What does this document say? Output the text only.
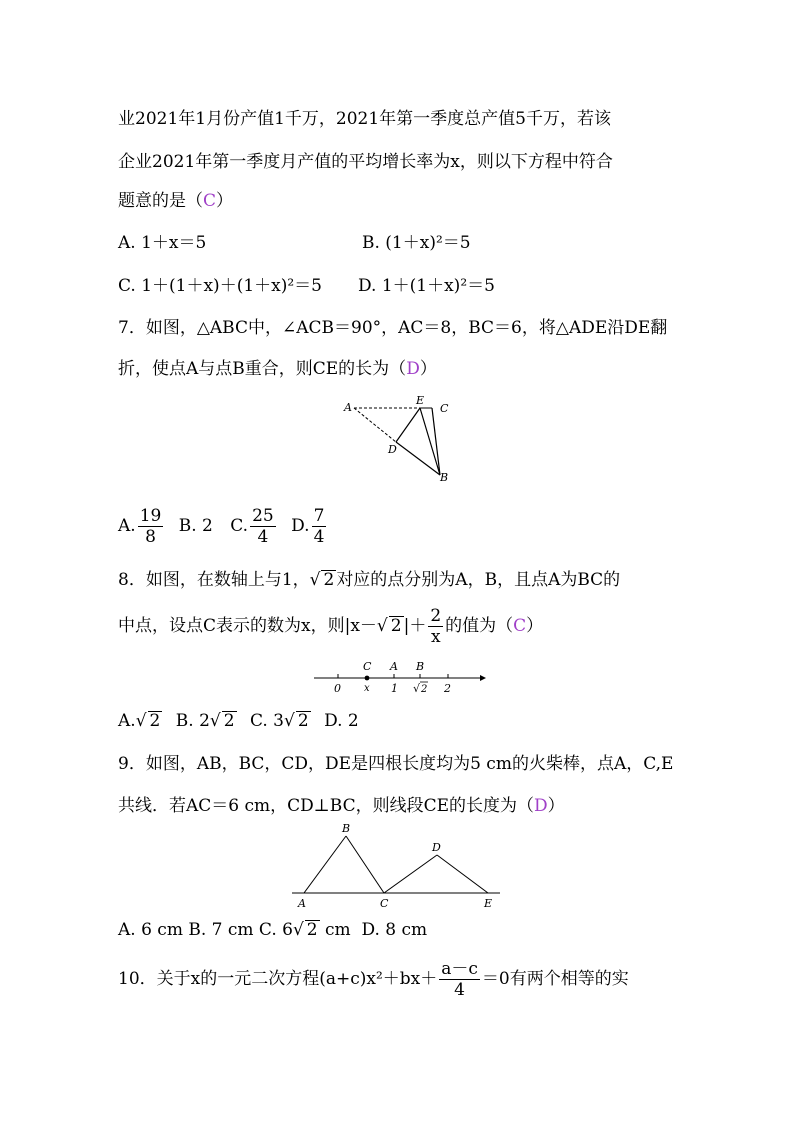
业2021年1月份产值1千万，2021年第一季度总产值5千万，若该
企业2021年第一季度月产值的平均增长率为x，则以下方程中符合
题意的是（C）
A. 1＋x＝5	B. (1＋x)²＝5
C. 1＋(1＋x)＋(1＋x)²＝5 D. 1＋(1＋x)²＝5
7．如图，△ABC中，∠ACB＝90°，AC＝8，BC＝6，将△ADE沿DE翻
折，使点A与点B重合，则CE的长为（D）
A
E
C
D
B
A. $\frac{19}{8} B$. 2 C. $\frac{25}{4} D$. $\frac{7}{4}$
8．如图，在数轴上与1，√ 2 对应的点分别为A，B，且点A为BC的
中点，设点C表示的数为x，则|x－√ 2 |＋ $\frac{2}{x}$ 的值为（C）
C A B
0 x 1 √ 2 2
A.√ 2 B. 2√ 2 C. 3√ 2 D. 2
9．如图，AB，BC，CD，DE是四根长度均为5 cm的火柴棒，点A，C,E
共线．若AC＝6 cm，CD⊥BC，则线段CE的长度为（D）
B
D
A	C	E
A. 6 cm B. 7 cm C. 6√ 2 cm  D. 8 cm
10．关于x的一元二次方程$(a+c)x^2+bx+ \frac{a-c}{4} =0$有两个相等的实
